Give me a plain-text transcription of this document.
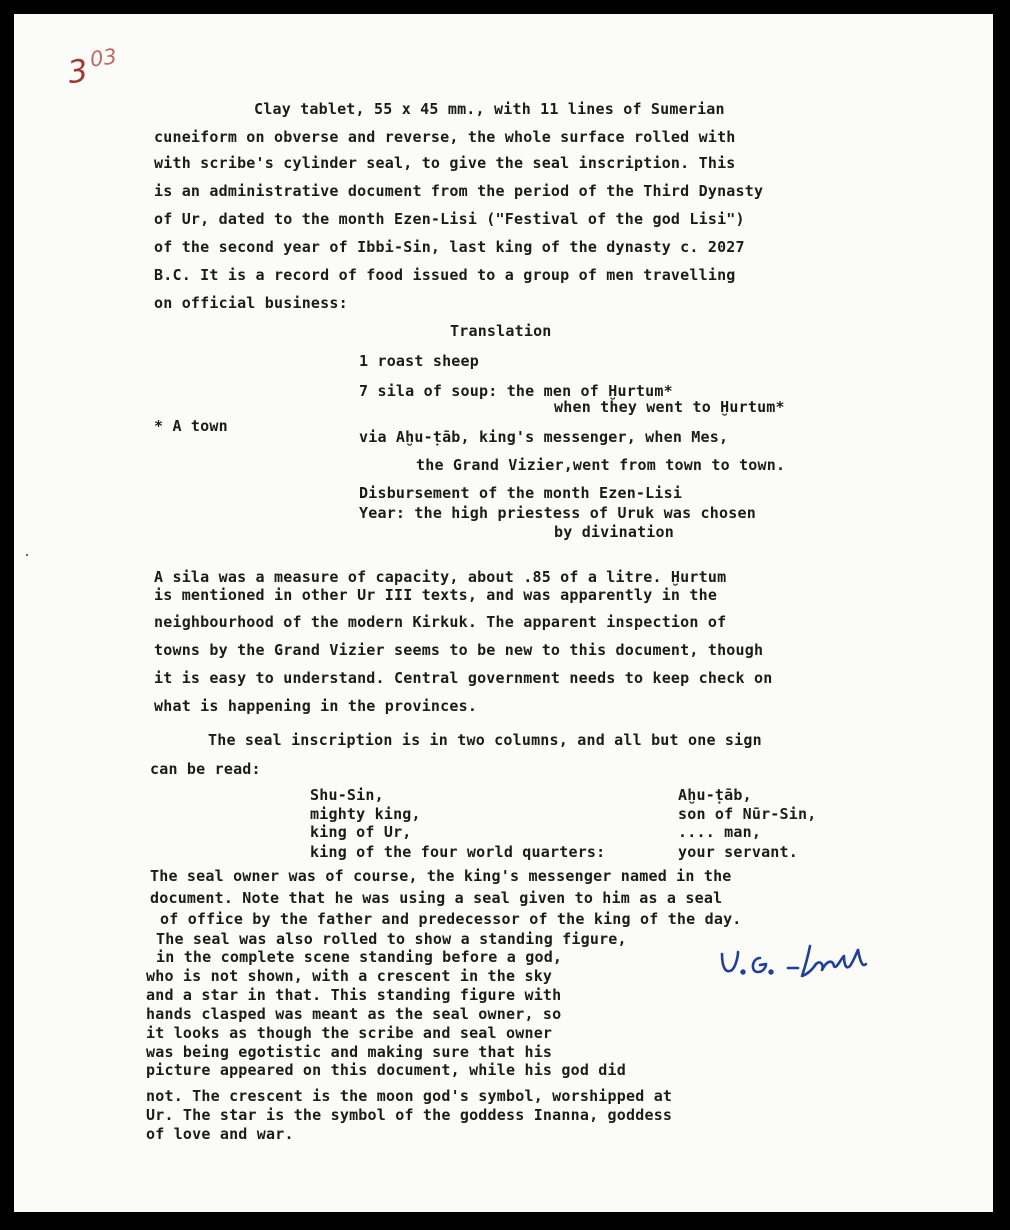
3
03
Clay tablet, 55 x 45 mm., with 11 lines of Sumerian
cuneiform on obverse and reverse, the whole surface rolled with
with scribe's cylinder seal, to give the seal inscription. This
is an administrative document from the period of the Third Dynasty
of Ur, dated to the month Ezen-Lisi ("Festival of the god Lisi")
of the second year of Ibbi-Sin, last king of the dynasty c. 2027
B.C. It is a record of food issued to a group of men travelling
on official business:
Translation
1 roast sheep
7 sila of soup: the men of Ḫurtum*
when they went to Ḫurtum*
* A town
via Aḫu-ṭāb, king's messenger, when Mes,
the Grand Vizier,went from town to town.
Disbursement of the month Ezen-Lisi
Year: the high priestess of Uruk was chosen
by divination
A sila was a measure of capacity, about .85 of a litre. Ḫurtum
is mentioned in other Ur III texts, and was apparently in the
neighbourhood of the modern Kirkuk. The apparent inspection of
towns by the Grand Vizier seems to be new to this document, though
it is easy to understand. Central government needs to keep check on
what is happening in the provinces.
The seal inscription is in two columns, and all but one sign
can be read:
Shu-Sin,
mighty king,
king of Ur,
king of the four world quarters:
Aḫu-ṭāb,
son of Nūr-Sin,
.... man,
your servant.
The seal owner was of course, the king's messenger named in the
document. Note that he was using a seal given to him as a seal
of office by the father and predecessor of the king of the day.
The seal was also rolled to show a standing figure,
in the complete scene standing before a god,
who is not shown, with a crescent in the sky
and a star in that. This standing figure with
hands clasped was meant as the seal owner, so
it looks as though the scribe and seal owner
was being egotistic and making sure that his
picture appeared on this document, while his god did
not. The crescent is the moon god's symbol, worshipped at
Ur. The star is the symbol of the goddess Inanna, goddess
of love and war.
